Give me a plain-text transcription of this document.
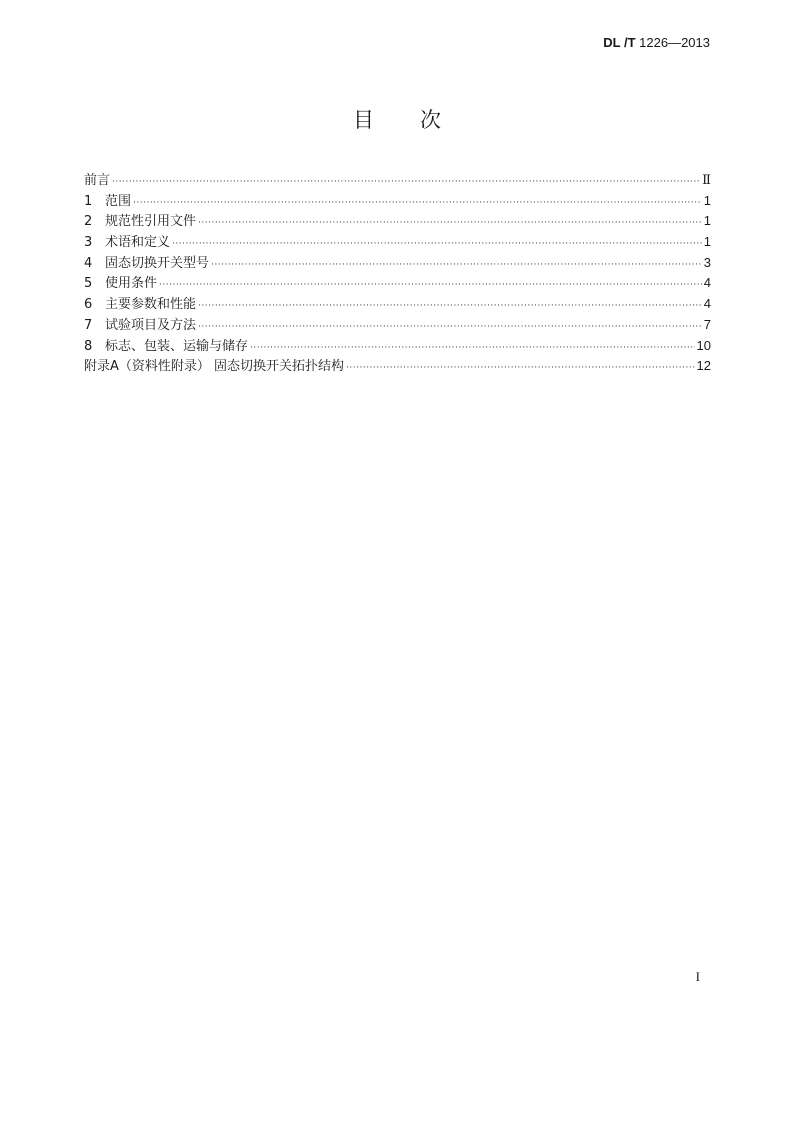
DL /T 1226—2013
目次
前言 ·····	Ⅱ
1 范围 ·····	1
2 规范性引用文件 ·····	1
3 术语和定义 ·····	1
4 固态切换开关型号 ·····	3
5 使用条件 ·····	4
6 主要参数和性能 ·····	4
7 试验项目及方法 ·····	7
8 标志、包装、运输与储存 ·····	10
附录A（资料性附录） 固态切换开关拓扑结构 ·····	12
I
